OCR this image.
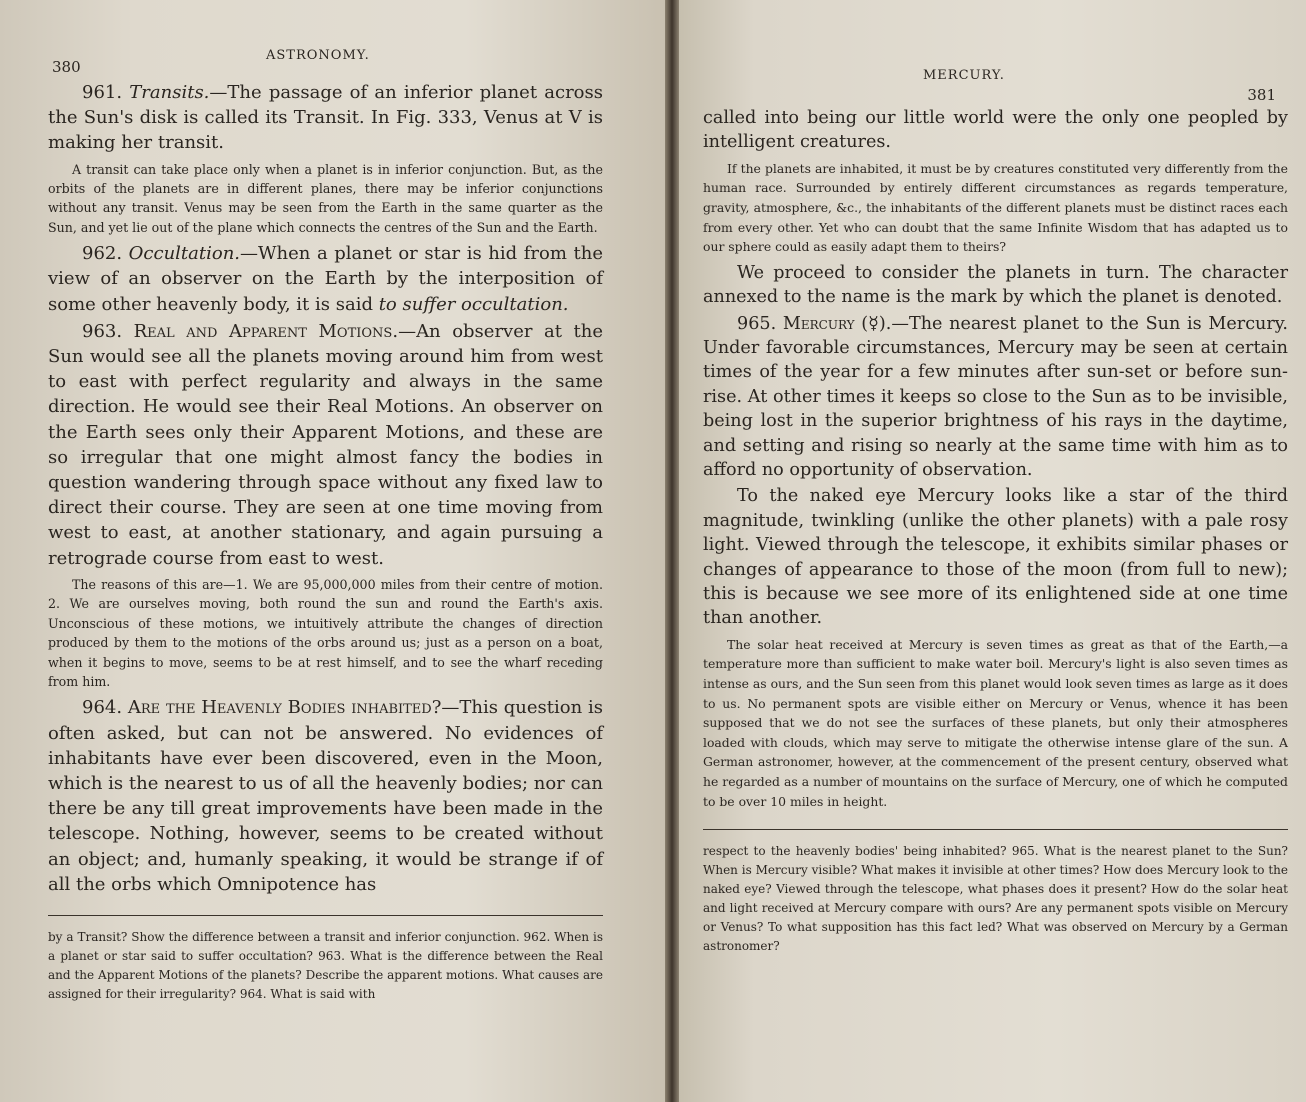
380
ASTRONOMY.

961. Transits.—The passage of an inferior planet across the Sun's disk is called its Transit. In Fig. 333, Venus at V is making her transit.

A transit can take place only when a planet is in inferior conjunction. But, as the orbits of the planets are in different planes, there may be inferior conjunctions without any transit. Venus may be seen from the Earth in the same quarter as the Sun, and yet lie out of the plane which connects the centres of the Sun and the Earth.

962. Occultation.—When a planet or star is hid from the view of an observer on the Earth by the interposition of some other heavenly body, it is said to suffer occultation.

963. Real and Apparent Motions.—An observer at the Sun would see all the planets moving around him from west to east with perfect regularity and always in the same direction. He would see their Real Motions. An observer on the Earth sees only their Apparent Motions, and these are so irregular that one might almost fancy the bodies in question wandering through space without any fixed law to direct their course. They are seen at one time moving from west to east, at another stationary, and again pursuing a retrograde course from east to west.

The reasons of this are—1. We are 95,000,000 miles from their centre of motion. 2. We are ourselves moving, both round the sun and round the Earth's axis. Unconscious of these motions, we intuitively attribute the changes of direction produced by them to the motions of the orbs around us; just as a person on a boat, when it begins to move, seems to be at rest himself, and to see the wharf receding from him.

964. Are the Heavenly Bodies inhabited?—This question is often asked, but can not be answered. No evidences of inhabitants have ever been discovered, even in the Moon, which is the nearest to us of all the heavenly bodies; nor can there be any till great improvements have been made in the telescope. Nothing, however, seems to be created without an object; and, humanly speaking, it would be strange if of all the orbs which Omnipotence has

by a Transit? Show the difference between a transit and inferior conjunction. 962. When is a planet or star said to suffer occultation? 963. What is the difference between the Real and the Apparent Motions of the planets? Describe the apparent motions. What causes are assigned for their irregularity? 964. What is said with

MERCURY.
381

called into being our little world were the only one peopled by intelligent creatures.

If the planets are inhabited, it must be by creatures constituted very differently from the human race. Surrounded by entirely different circumstances as regards temperature, gravity, atmosphere, &c., the inhabitants of the different planets must be distinct races each from every other. Yet who can doubt that the same Infinite Wisdom that has adapted us to our sphere could as easily adapt them to theirs?

We proceed to consider the planets in turn. The character annexed to the name is the mark by which the planet is denoted.

965. Mercury (☿).—The nearest planet to the Sun is Mercury. Under favorable circumstances, Mercury may be seen at certain times of the year for a few minutes after sun-set or before sun-rise. At other times it keeps so close to the Sun as to be invisible, being lost in the superior brightness of his rays in the daytime, and setting and rising so nearly at the same time with him as to afford no opportunity of observation.

To the naked eye Mercury looks like a star of the third magnitude, twinkling (unlike the other planets) with a pale rosy light. Viewed through the telescope, it exhibits similar phases or changes of appearance to those of the moon (from full to new); this is because we see more of its enlightened side at one time than another.

The solar heat received at Mercury is seven times as great as that of the Earth,—a temperature more than sufficient to make water boil. Mercury's light is also seven times as intense as ours, and the Sun seen from this planet would look seven times as large as it does to us. No permanent spots are visible either on Mercury or Venus, whence it has been supposed that we do not see the surfaces of these planets, but only their atmospheres loaded with clouds, which may serve to mitigate the otherwise intense glare of the sun. A German astronomer, however, at the commencement of the present century, observed what he regarded as a number of mountains on the surface of Mercury, one of which he computed to be over 10 miles in height.

respect to the heavenly bodies' being inhabited? 965. What is the nearest planet to the Sun? When is Mercury visible? What makes it invisible at other times? How does Mercury look to the naked eye? Viewed through the telescope, what phases does it present? How do the solar heat and light received at Mercury compare with ours? Are any permanent spots visible on Mercury or Venus? To what supposition has this fact led? What was observed on Mercury by a German astronomer?
